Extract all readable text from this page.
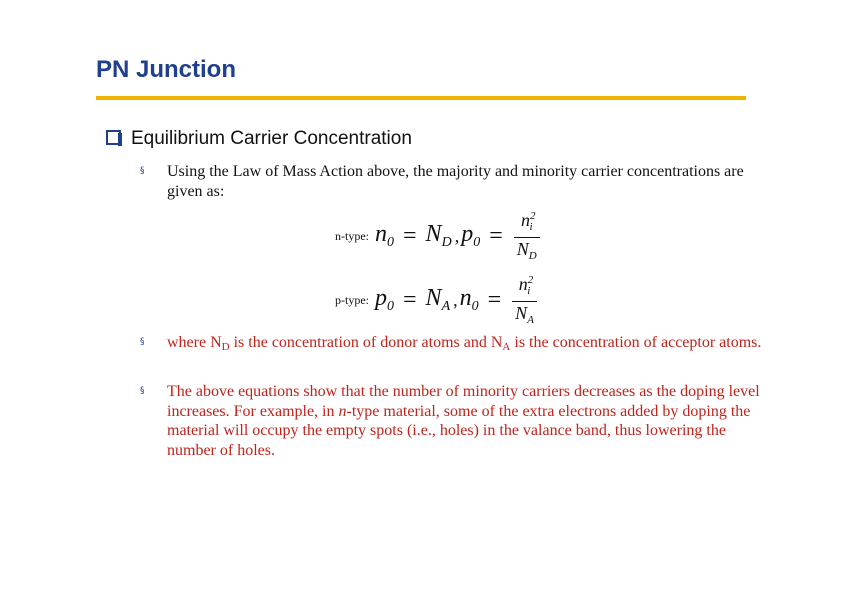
PN Junction
Equilibrium Carrier Concentration
§ Using the Law of Mass Action above, the majority and minority carrier concentrations are given as:
n-type: $n_0 = N_D$ , $p_0 = \frac{n^2_i}{N_D}$
p-type: $p_0 = N_A$ , $n_0 = \frac{n^2_i}{N_A}$
§ where $N_D$ is the concentration of donor atoms and $N_A$ is the concentration of acceptor atoms.
§ The above equations show that the number of minority carriers decreases as the doping level increases. For example, in n-type material, some of the extra electrons added by doping the material will occupy the empty spots (i.e., holes) in the valance band, thus lowering the number of holes.
